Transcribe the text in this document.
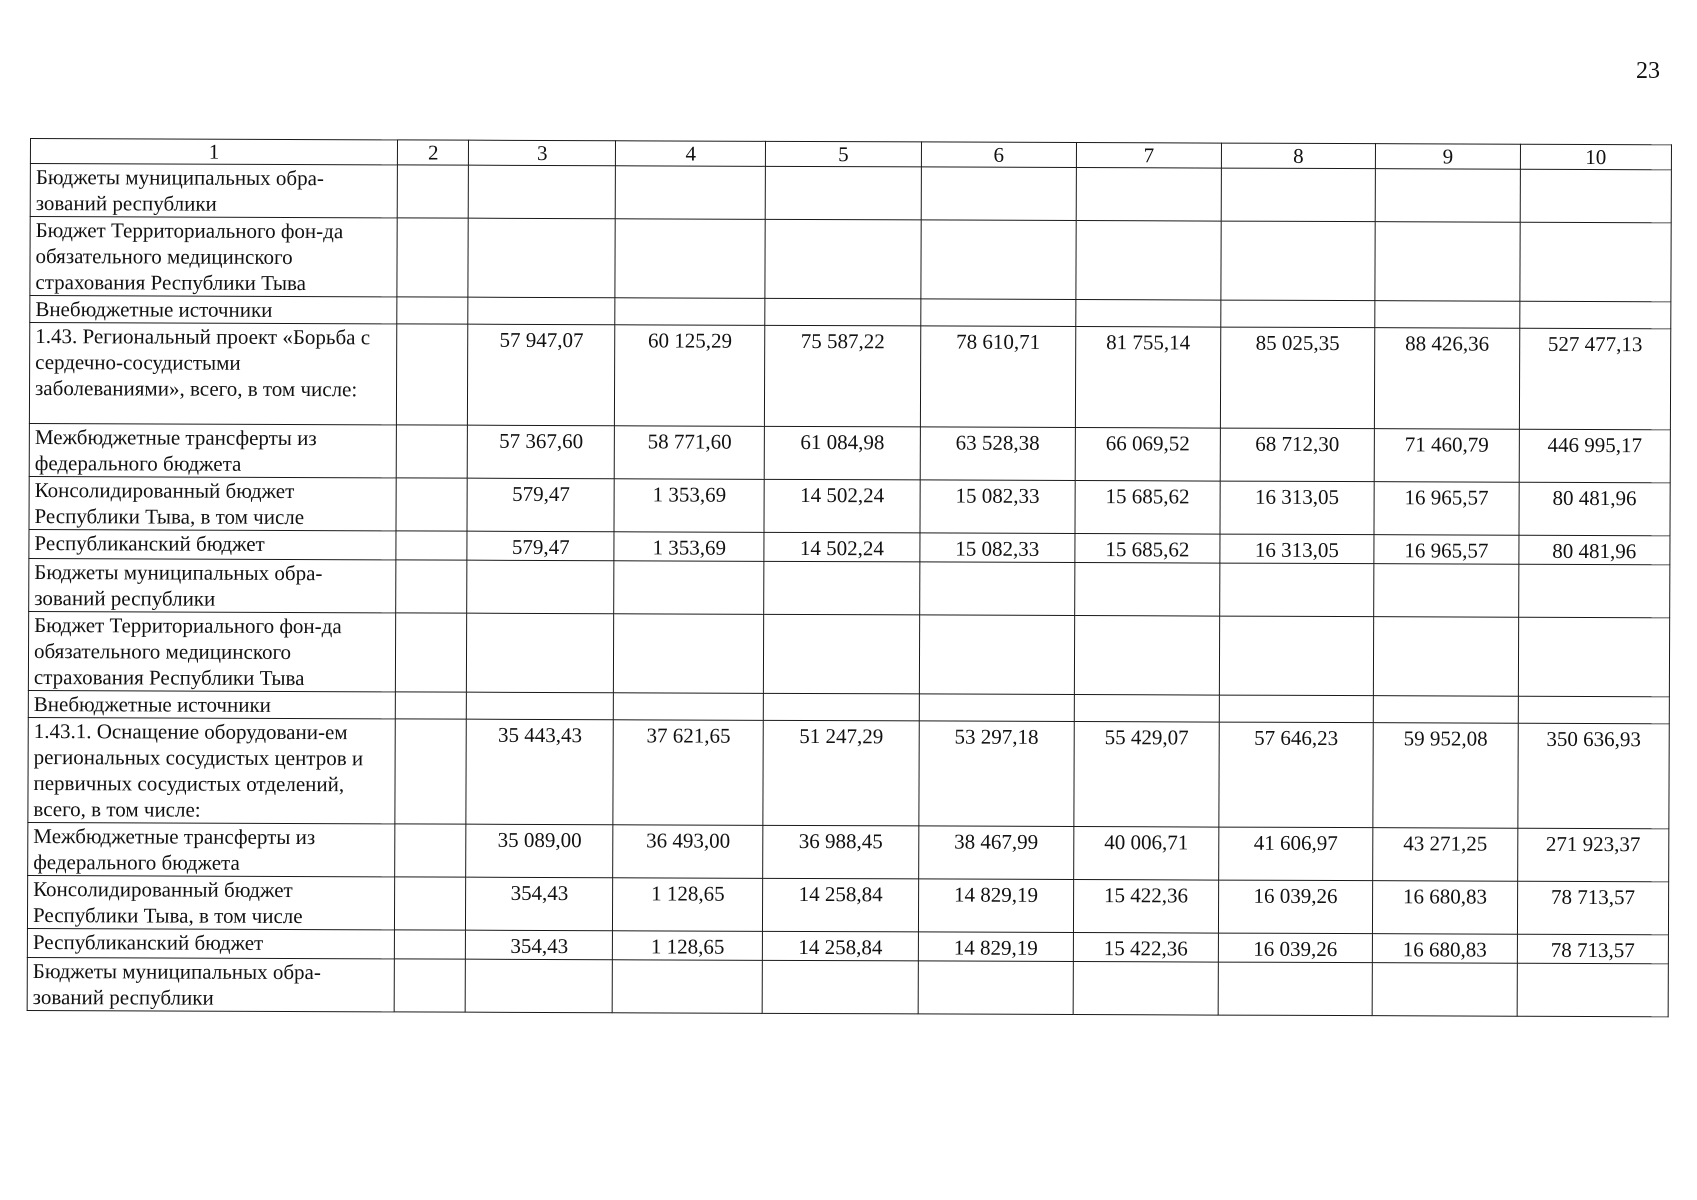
23
1	2	3	4	5	6	7	8	9	10
Бюджеты муниципальных обра-зований республики									
Бюджет Территориального фон-да обязательного медицинского страхования Республики Тыва									
Внебюджетные источники									
1.43. Региональный проект «Борьба с сердечно-сосудистыми заболеваниями», всего, в том числе:		57 947,07	60 125,29	75 587,22	78 610,71	81 755,14	85 025,35	88 426,36	527 477,13
Межбюджетные трансферты из федерального бюджета		57 367,60	58 771,60	61 084,98	63 528,38	66 069,52	68 712,30	71 460,79	446 995,17
Консолидированный бюджет Республики Тыва, в том числе		579,47	1 353,69	14 502,24	15 082,33	15 685,62	16 313,05	16 965,57	80 481,96
Республиканский бюджет		579,47	1 353,69	14 502,24	15 082,33	15 685,62	16 313,05	16 965,57	80 481,96
Бюджеты муниципальных обра-зований республики									
Бюджет Территориального фон-да обязательного медицинского страхования Республики Тыва									
Внебюджетные источники									
1.43.1. Оснащение оборудовани-ем региональных сосудистых центров и первичных сосудистых отделений, всего, в том числе:		35 443,43	37 621,65	51 247,29	53 297,18	55 429,07	57 646,23	59 952,08	350 636,93
Межбюджетные трансферты из федерального бюджета		35 089,00	36 493,00	36 988,45	38 467,99	40 006,71	41 606,97	43 271,25	271 923,37
Консолидированный бюджет Республики Тыва, в том числе		354,43	1 128,65	14 258,84	14 829,19	15 422,36	16 039,26	16 680,83	78 713,57
Республиканский бюджет		354,43	1 128,65	14 258,84	14 829,19	15 422,36	16 039,26	16 680,83	78 713,57
Бюджеты муниципальных обра-зований республики									
